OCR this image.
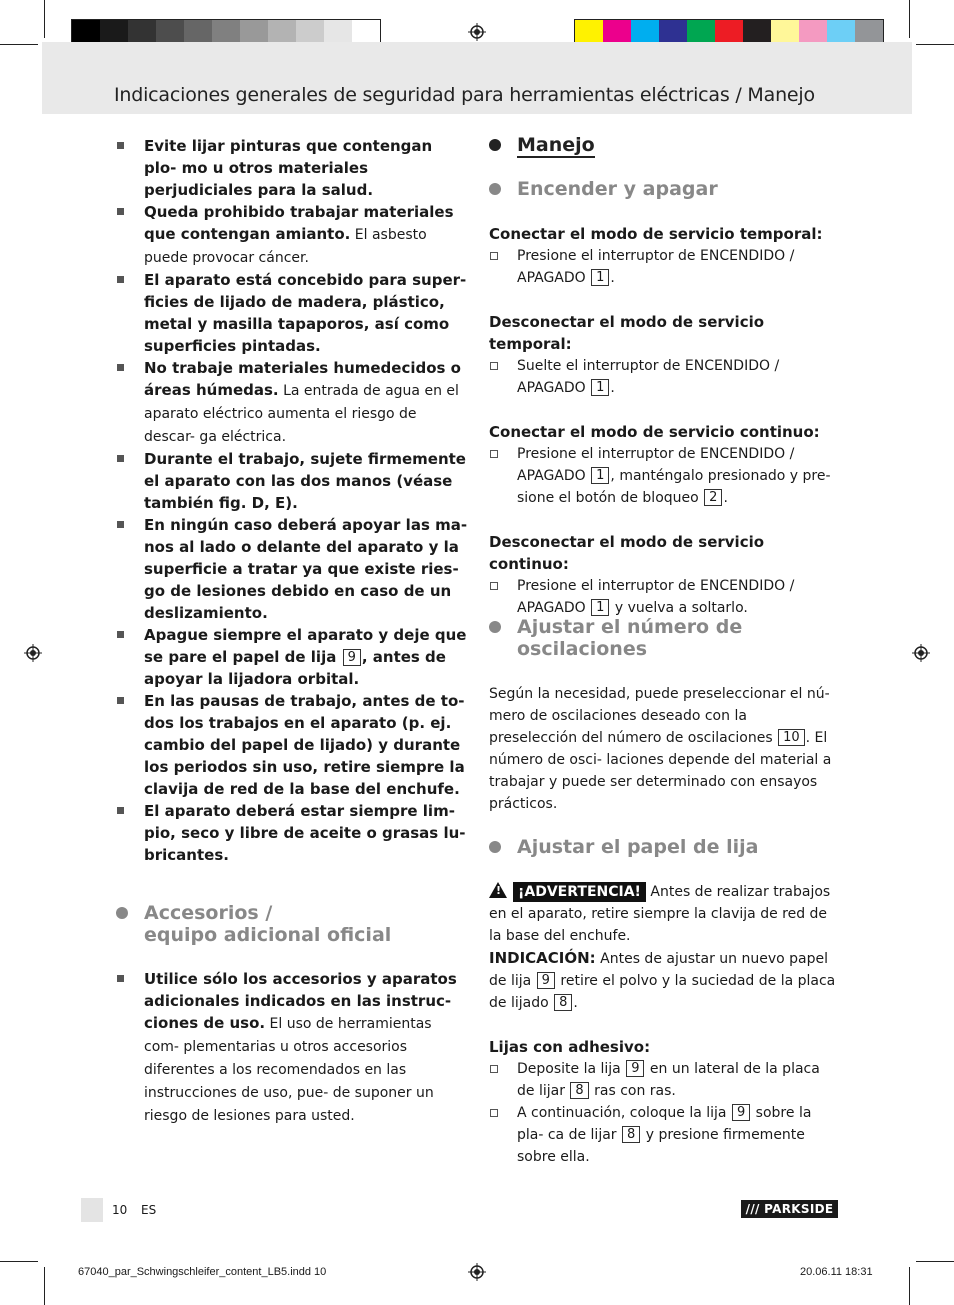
Indicaciones generales de seguridad para herramientas eléctricas / Manejo
Evite lijar pinturas que contengan plo- mo u otros materiales perjudiciales para la salud.
Queda prohibido trabajar materiales que contengan amianto. El asbesto puede provocar cáncer.
El aparato está concebido para super- ficies de lijado de madera, plástico, metal y masilla tapaporos, así como superficies pintadas.
No trabaje materiales humedecidos o áreas húmedas. La entrada de agua en el aparato eléctrico aumenta el riesgo de descar- ga eléctrica.
Durante el trabajo, sujete firmemente el aparato con las dos manos (véase también fig. D, E).
En ningún caso deberá apoyar las ma- nos al lado o delante del aparato y la superficie a tratar ya que existe ries- go de lesiones debido en caso de un deslizamiento.
Apague siempre el aparato y deje que se pare el papel de lija 9 , antes de apoyar la lijadora orbital.
En las pausas de trabajo, antes de to- dos los trabajos en el aparato (p. ej. cambio del papel de lijado) y durante los periodos sin uso, retire siempre la clavija de red de la base del enchufe.
El aparato deberá estar siempre lim- pio, seco y libre de aceite o grasas lu- bricantes.
Accesorios /
equipo adicional oficial
Utilice sólo los accesorios y aparatos adicionales indicados en las instruc- ciones de uso. El uso de herramientas com- plementarias u otros accesorios diferentes a los recomendados en las instrucciones de uso, pue- de suponer un riesgo de lesiones para usted.
Manejo
Encender y apagar
Conectar el modo de servicio temporal:
Presione el interruptor de ENCENDIDO / APAGADO 1 .
Desconectar el modo de servicio temporal:
Suelte el interruptor de ENCENDIDO / APAGADO 1 .
Conectar el modo de servicio continuo:
Presione el interruptor de ENCENDIDO / APAGADO 1 , manténgalo presionado y pre- sione el botón de bloqueo 2 .
Desconectar el modo de servicio continuo:
Presione el interruptor de ENCENDIDO / APAGADO 1 y vuelva a soltarlo.
Ajustar el número de
oscilaciones
Según la necesidad, puede preseleccionar el nú- mero de oscilaciones deseado con la preselección del número de oscilaciones 10 . El número de osci- laciones depende del material a trabajar y puede ser determinado con ensayos prácticos.
Ajustar el papel de lija
! ¡ADVERTENCIA! Antes de realizar trabajos en el aparato, retire siempre la clavija de red de la base del enchufe.
INDICACIÓN: Antes de ajustar un nuevo papel de lija 9 retire el polvo y la suciedad de la placa de lijado 8 .
Lijas con adhesivo:
Deposite la lija 9 en un lateral de la placa de lijar 8 ras con ras.
A continuación, coloque la lija 9 sobre la pla- ca de lijar 8 y presione firmemente sobre ella.
10 ES	/// PARKSIDE
67040_par_Schwingschleifer_content_LB5.indd 10	20.06.11 18:31
